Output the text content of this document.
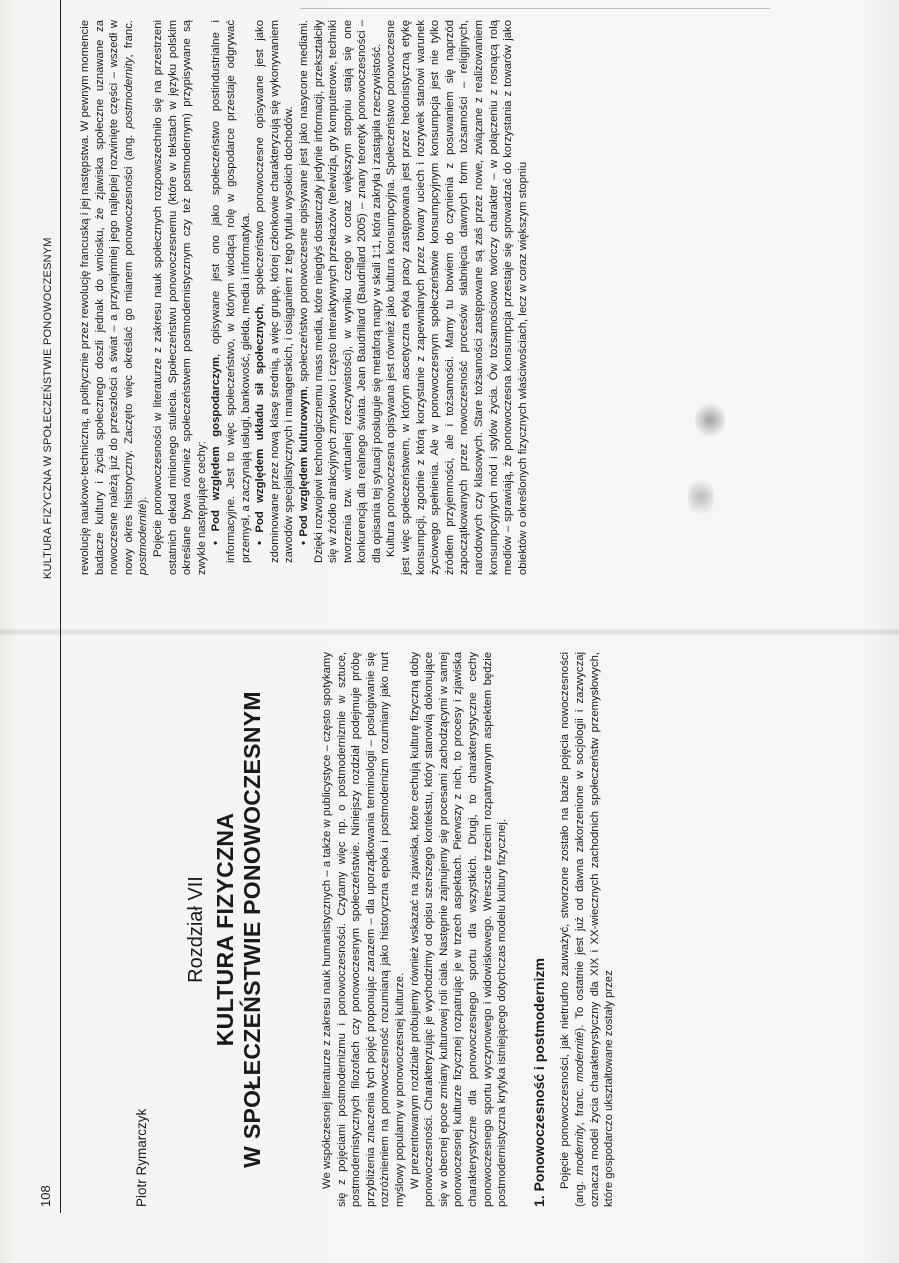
KULTURA FIZYCZNA W SPOŁECZEŃSTWIE PONOWOCZESNYM rewolucję naukowo-techniczną, a politycznie przez rewolucję francuską i jej następstwa. W pewnym momencie badacze kultury i życia społecznego doszli jednak do wniosku, że zjawiska społeczne uznawane za nowoczesne należą już do przeszłości a świat – a przynajmniej jego najlepiej rozwinięte części – wszedł w nowy okres historyczny. Zaczęto więc określać go mianem ponowoczesności (ang. postmodernity, franc. postmodernité). Pojęcie ponowoczesności w literaturze z zakresu nauk społecznych rozpowszechniło się na przestrzeni ostatnich dekad minionego stulecia. Społeczeństwu ponowoczesnemu (które w tekstach w języku polskim określane bywa również społeczeństwem postmodernistycznym czy też postmodernym) przypisywane są zwykle następujące cechy: • Pod względem gospodarczym, opisywane jest ono jako społeczeństwo postindustrialne i informacyjne. Jest to więc społeczeństwo, w którym wiodącą rolę w gospodarce przestaje odgrywać przemysł, a zaczynają usługi, bankowość, giełda, media i informatyka. • Pod względem układu sił społecznych, społeczeństwo ponowoczesne opisywane jest jako zdominowane przez nową klasę średnią, a więc grupę, której członkowie charakteryzują się wykonywaniem zawodów specjalistycznych i managerskich, i osiąganiem z tego tytułu wysokich dochodów. • Pod względem kulturowym, społeczeństwo ponowoczesne opisywane jest jako nasycone mediami. Dzięki rozwojowi technologicznemu mass media, które niegdyś dostarczały jedynie informacji, przekształciły się w źródło atrakcyjnych zmysłowo i często interaktywnych przekazów (telewizja, gry komputerowe, techniki tworzenia tzw. wirtualnej rzeczywistości), w wyniku czego w coraz większym stopniu stają się one konkurencją dla realnego świata. Jean Baudrillard (Baudrillard 2005) – znany teoretyk ponowoczesności – dla opisania tej sytuacji posługuje się metaforą mapy w skali 1:1, która zakryła i zastąpiła rzeczywistość. Kultura ponowoczesna opisywana jest również jako kultura konsumpcyjna. Społeczeństwo ponowoczesne jest więc społeczeństwem, w którym ascetyczna etyka pracy zastępowana jest przez hedonistyczną etykę konsumpcji, zgodnie z którą korzystanie z zapewnianych przez towary uciech i rozrywek stanowi warunek życiowego spełnienia. Ale w ponowoczesnym społeczeństwie konsumpcyjnym konsumpcja jest nie tylko źródłem przyjemności, ale i tożsamości. Mamy tu bowiem do czynienia z posuwaniem się naprzód zapoczątkowanych przez nowoczesność procesów słabnięcia dawnych form tożsamości – religijnych, narodowych czy klasowych. Stare tożsamości zastępowane są zaś przez nowe, związane z realizowaniem konsumpcyjnych mód i stylów życia. Ów tożsamościowo twórczy charakter – w połączeniu z rosnącą rolą mediów – sprawiają, że ponowoczesna konsumpcja przestaje się sprowadzać do korzystania z towarów jako obiektów o określonych fizycznych właściwościach, lecz w coraz większym stopniu

108	Piotr Rymarczyk
Rozdział VII KULTURA FIZYCZNA W SPOŁECZEŃSTWIE PONOWOCZESNYM	We współczesnej literaturze z zakresu nauk humanistycznych – a także w publicystyce – często spotykamy się z pojęciami postmodernizmu i ponowoczesności. Czytamy więc np. o postmodernizmie w sztuce, postmodernistycznych filozofach czy ponowoczesnym społeczeństwie. Niniejszy rozdział podejmuje próbę przybliżenia znaczenia tych pojęć proponując zarazem – dla uporządkowania terminologii – posługiwanie się rozróżnieniem na ponowoczesność rozumianą jako historyczna epoka i postmodernizm rozumiany jako nurt myślowy popularny w ponowoczesnej kulturze. W prezentowanym rozdziale próbujemy również wskazać na zjawiska, które cechują kulturę fizyczną doby ponowoczesności. Charakteryzując je wychodzimy od opisu szerszego kontekstu, który stanowią dokonujące się w obecnej epoce zmiany kulturowej roli ciała. Następnie zajmujemy się procesami zachodzącymi w samej ponowoczesnej kulturze fizycznej rozpatrując je w trzech aspektach. Pierwszy z nich, to procesy i zjawiska charakterystyczne dla ponowoczesnego sportu dla wszystkich. Drugi, to charakterystyczne cechy ponowoczesnego sportu wyczynowego i widowiskowego. Wreszcie trzecim rozpatrywanym aspektem będzie postmodernistyczna krytyka istniejącego dotychczas modelu kultury fizycznej. 1. Ponowoczesność i postmodernizm Pojęcie ponowoczesności, jak nietrudno zauważyć, stworzone zostało na bazie pojęcia nowoczesności (ang. modernity, franc. modernité). To ostatnie jest już od dawna zakorzenione w socjologii i zazwyczaj oznacza model życia charakterystyczny dla XIX i XX-wiecznych zachodnich społeczeństw przemysłowych, które gospodarczo ukształtowane zostały przez
